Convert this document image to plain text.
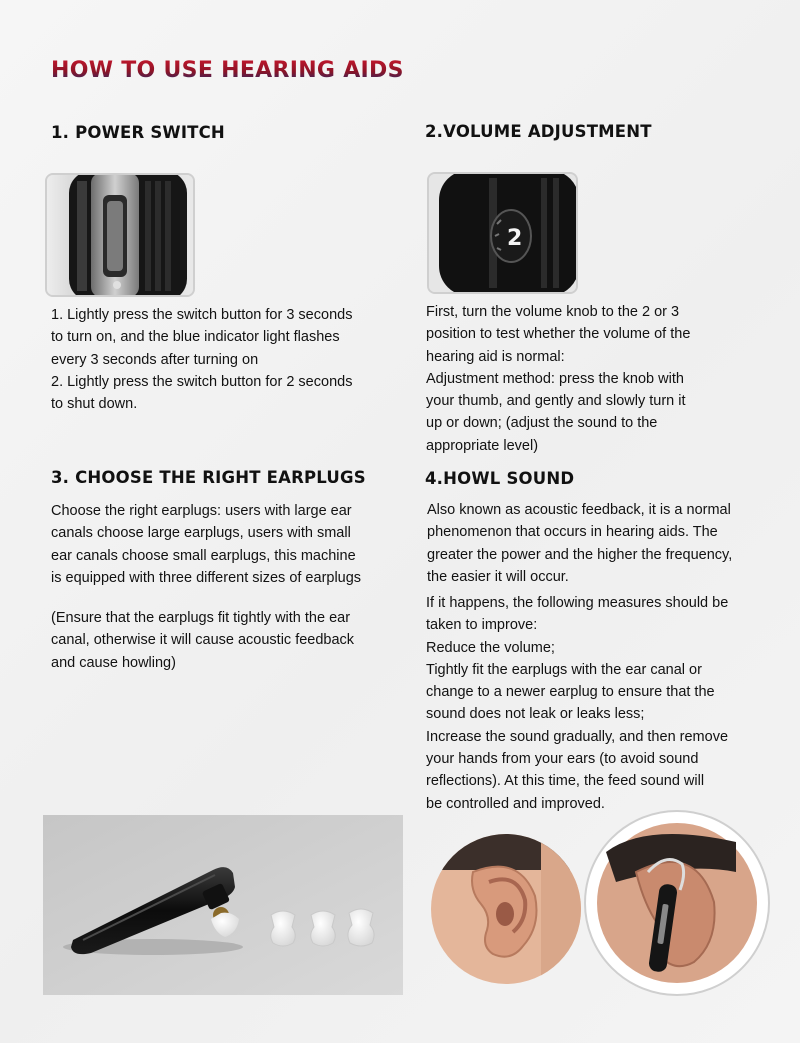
HOW TO USE HEARING AIDS
1. POWER SWITCH

1. Lightly press the switch button for 3 seconds

to turn on, and the blue indicator light flashes

every 3 seconds after turning on

2. Lightly press the switch button for 2 seconds

to shut down.

2.VOLUME ADJUSTMENT
2

First, turn the volume knob to the 2 or 3

position to test whether the volume of the

hearing aid is normal:

Adjustment method: press the knob with

your thumb, and gently and slowly turn it

up or down; (adjust the sound to the

appropriate level)

3. CHOOSE THE RIGHT EARPLUGS

Choose the right earplugs: users with large ear

canals choose large earplugs, users with small

ear canals choose small earplugs, this machine

is equipped with three different sizes of earplugs

(Ensure that the earplugs fit tightly with the ear

canal, otherwise it will cause acoustic feedback

and cause howling)

4.HOWL SOUND

Also known as acoustic feedback, it is a normal

phenomenon that occurs in hearing aids. The

greater the power and the higher the frequency,

the easier it will occur.

If it happens, the following measures should be

taken to improve:

Reduce the volume;

Tightly fit the earplugs with the ear canal or

change to a newer earplug to ensure that the

sound does not leak or leaks less;

Increase the sound gradually, and then remove

your hands from your ears (to avoid sound

reflections). At this time, the feed sound will

be controlled and improved.
